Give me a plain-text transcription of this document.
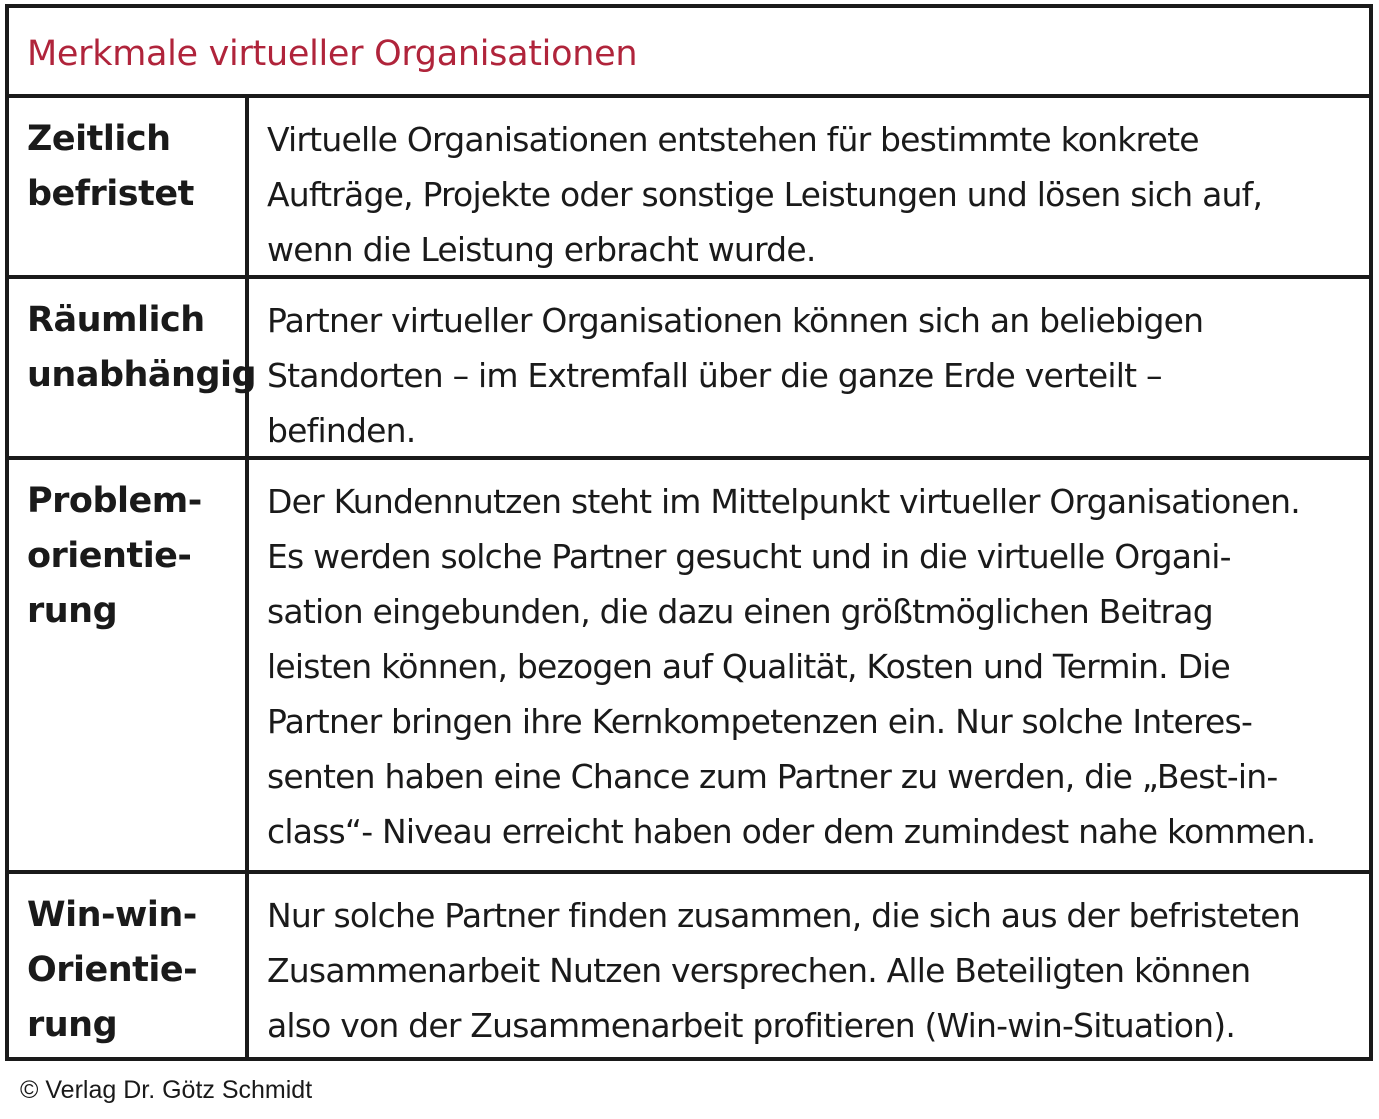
Merkmale virtueller Organisationen
Zeitlich
befristet
Virtuelle Organisationen entstehen für bestimmte konkrete
Aufträge, Projekte oder sonstige Leistungen und lösen sich auf,
wenn die Leistung erbracht wurde.
Räumlich
unabhängig
Partner virtueller Organisationen können sich an beliebigen
Standorten – im Extremfall über die ganze Erde verteilt –
befinden.
Problem-
orientie-
rung
Der Kundennutzen steht im Mittelpunkt virtueller Organisationen.
Es werden solche Partner gesucht und in die virtuelle Organi-
sation eingebunden, die dazu einen größtmöglichen Beitrag
leisten können, bezogen auf Qualität, Kosten und Termin. Die
Partner bringen ihre Kernkompetenzen ein. Nur solche Interes-
senten haben eine Chance zum Partner zu werden, die „Best-in-
class“- Niveau erreicht haben oder dem zumindest nahe kommen.
Win-win-
Orientie-
rung
Nur solche Partner finden zusammen, die sich aus der befristeten
Zusammenarbeit Nutzen versprechen. Alle Beteiligten können
also von der Zusammenarbeit profitieren (Win-win-Situation).
© Verlag Dr. Götz Schmidt
